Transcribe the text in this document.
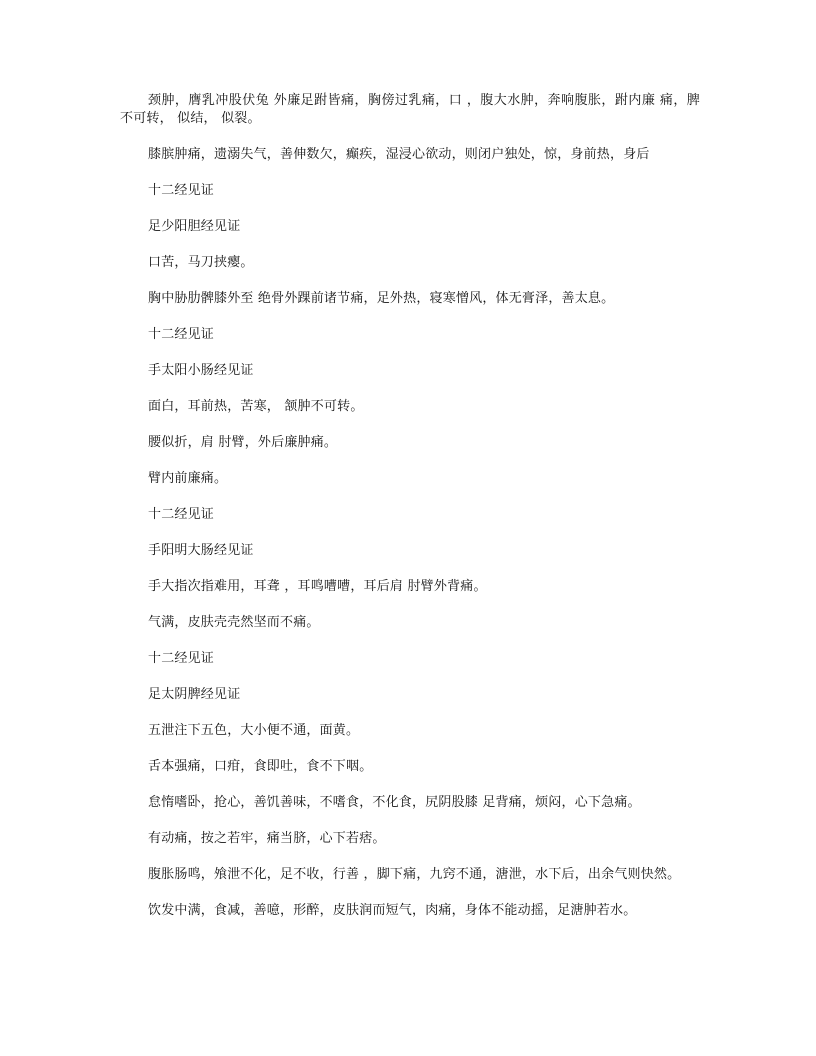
颈肿，膺乳冲股伏兔 外廉足跗皆痛，胸傍过乳痛，口 ，腹大水肿，奔响腹胀，跗内廉 痛，脾不可转， 似结， 似裂。

膝膑肿痛，遗溺失气，善伸数欠，癫疾，湿浸心欲动，则闭户独处，惊，身前热，身后

十二经见证

足少阳胆经见证

口苦，马刀挟瘿。

胸中胁肋髀膝外至 绝骨外踝前诸节痛，足外热，寝寒憎风，体无膏泽，善太息。

十二经见证

手太阳小肠经见证

面白，耳前热，苦寒， 颔肿不可转。

腰似折，肩 肘臂，外后廉肿痛。

臂内前廉痛。

十二经见证

手阳明大肠经见证

手大指次指难用，耳聋 ，耳鸣嘈嘈，耳后肩 肘臂外背痛。

气满，皮肤壳壳然坚而不痛。

十二经见证

足太阴脾经见证

五泄注下五色，大小便不通，面黄。

舌本强痛，口疳，食即吐，食不下咽。

怠惰嗜卧，抢心，善饥善味，不嗜食，不化食，尻阴股膝 足背痛，烦闷，心下急痛。

有动痛，按之若牢，痛当脐，心下若痞。

腹胀肠鸣，飧泄不化，足不收，行善 ，脚下痛，九窍不通，溏泄，水下后，出余气则快然。

饮发中满，食减，善噫，形醉，皮肤润而短气，肉痛，身体不能动摇，足溏肿若水。
